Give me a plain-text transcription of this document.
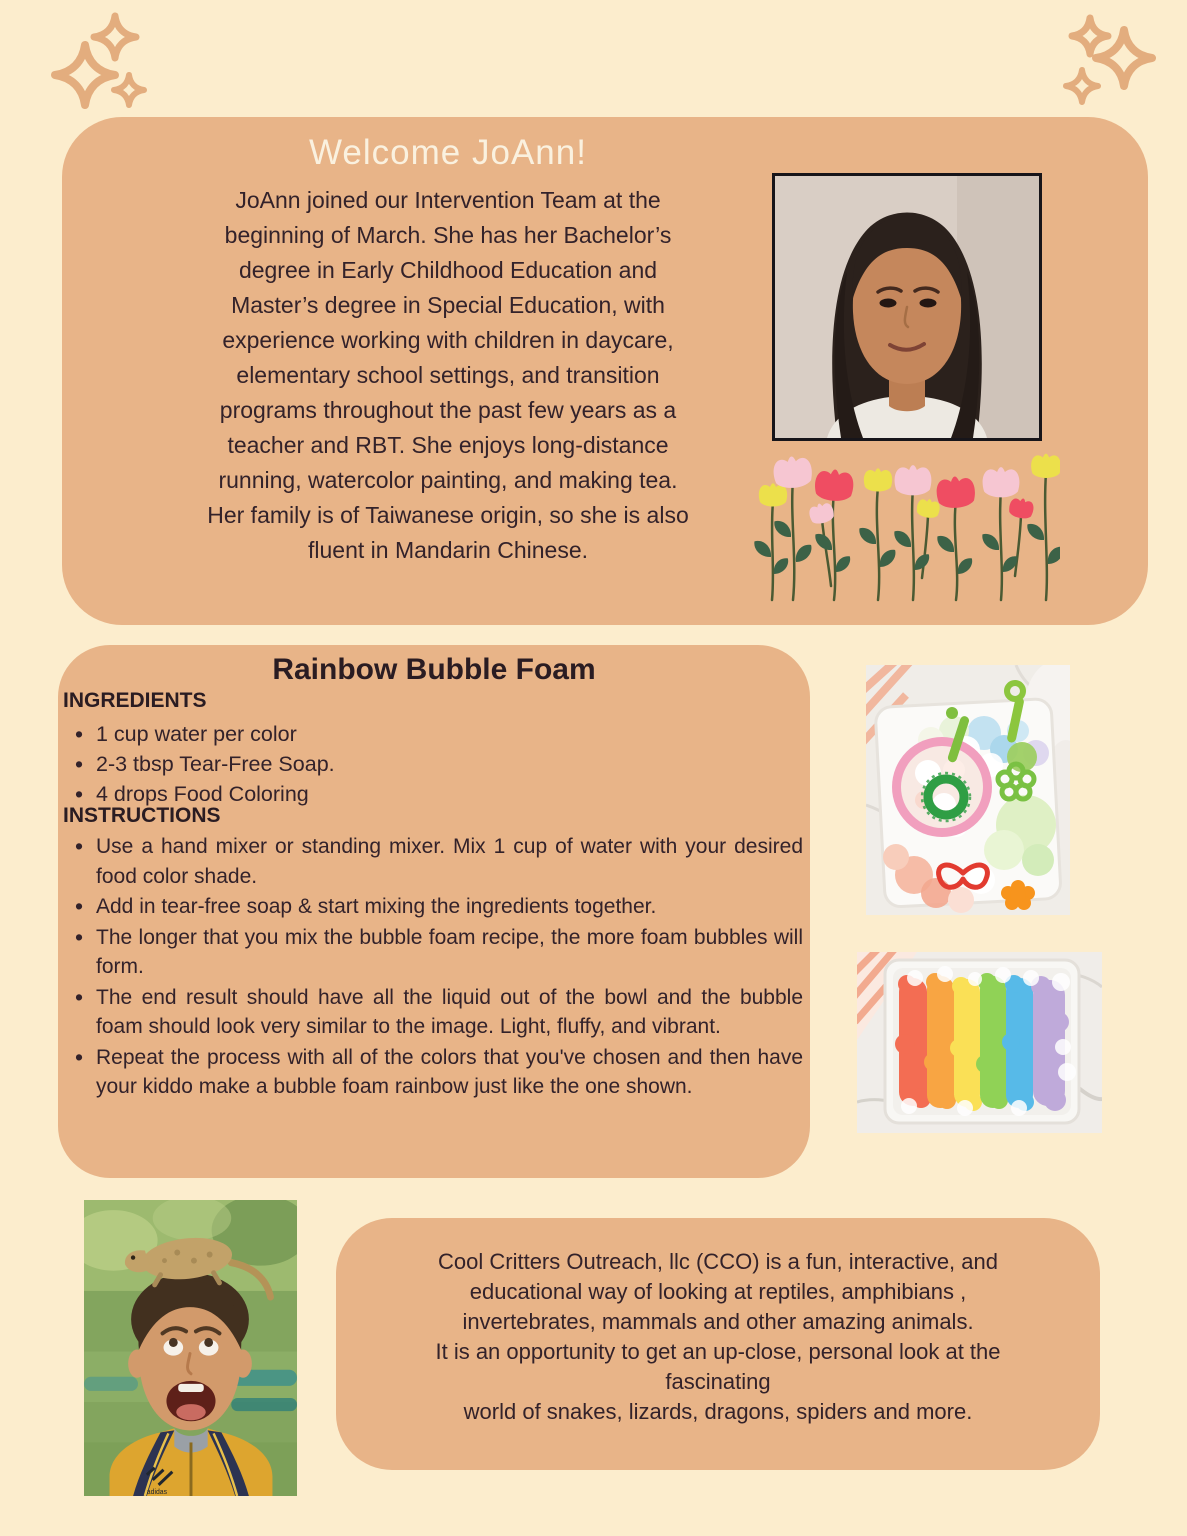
Welcome JoAnn!
JoAnn joined our Intervention Team at the
beginning of March. She has her Bachelor’s
degree in Early Childhood Education and
Master’s degree in Special Education, with
experience working with children in daycare,
elementary school settings, and transition
programs throughout the past few years as a
teacher and RBT. She enjoys long-distance
running, watercolor painting, and making tea.
Her family is of Taiwanese origin, so she is also
fluent in Mandarin Chinese.
Rainbow Bubble Foam
INGREDIENTS
• 1 cup water per color
• 2-3 tbsp Tear-Free Soap.
• 4 drops Food Coloring
INSTRUCTIONS
• Use a hand mixer or standing mixer. Mix 1 cup of water with your desired food color shade.
• Add in tear-free soap & start mixing the ingredients together.
• The longer that you mix the bubble foam recipe, the more foam bubbles will form.
• The end result should have all the liquid out of the bowl and the bubble foam should look very similar to the image. Light, fluffy, and vibrant.
• Repeat the process with all of the colors that you've chosen and then have your kiddo make a bubble foam rainbow just like the one shown.
adidas
Cool Critters Outreach, llc (CCO) is a fun, interactive, and
educational way of looking at reptiles, amphibians ,
invertebrates, mammals and other amazing animals.
It is an opportunity to get an up-close, personal look at the
fascinating
world of snakes, lizards, dragons, spiders and more.
